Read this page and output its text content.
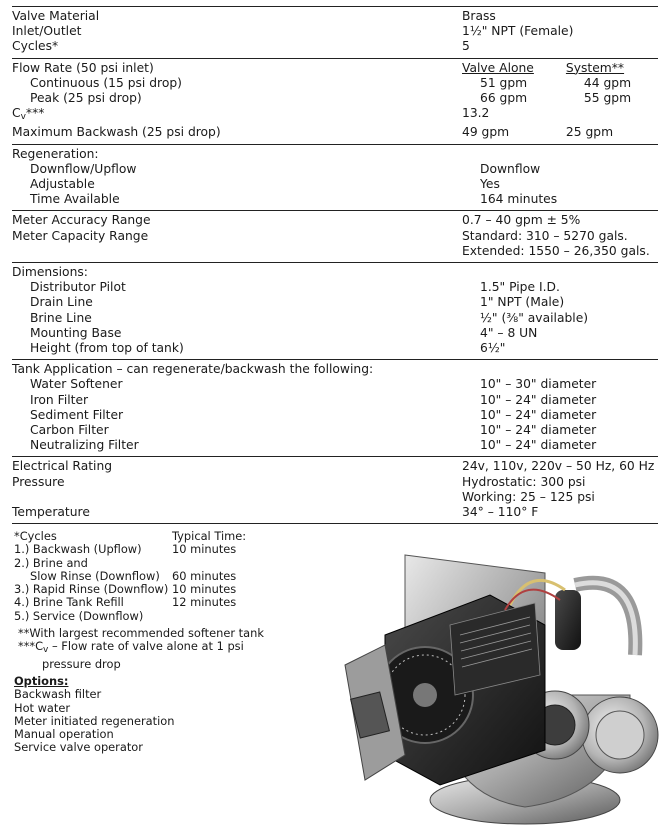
Valve Material	Brass
Inlet/Outlet	1½" NPT (Female)
Cycles*	5
Flow Rate (50 psi inlet)	Valve Alone	System**
Continuous (15 psi drop)	51 gpm	44 gpm
Peak (25 psi drop)	66 gpm	55 gpm
$C_v***$	13.2
Maximum Backwash (25 psi drop)	49 gpm	25 gpm
Regeneration:
Downflow/Upflow	Downflow
Adjustable	Yes
Time Available	164 minutes
Meter Accuracy Range	0.7 – 40 gpm ± 5%
Meter Capacity Range	Standard: 310 – 5270 gals.
Extended: 1550 – 26,350 gals.
Dimensions:
Distributor Pilot	1.5" Pipe I.D.
Drain Line	1" NPT (Male)
Brine Line	½" (⅜" available)
Mounting Base	4" – 8 UN
Height (from top of tank)	6½"
Tank Application – can regenerate/backwash the following:
Water Softener	10" – 30" diameter
Iron Filter	10" – 24" diameter
Sediment Filter	10" – 24" diameter
Carbon Filter	10" – 24" diameter
Neutralizing Filter	10" – 24" diameter
Electrical Rating	24v, 110v, 220v – 50 Hz, 60 Hz
Pressure	Hydrostatic: 300 psi
Working: 25 – 125 psi
Temperature	34° – 110° F
*Cycles	Typical Time:
1.) Backwash (Upflow)	10 minutes
2.) Brine and
Slow Rinse (Downflow)	60 minutes
3.) Rapid Rinse (Downflow) 10 minutes
4.) Brine Tank Refill	12 minutes
5.) Service (Downflow)
**With largest recommended softener tank
$***C_v$ – Flow rate of valve alone at 1 psi
pressure drop
Options:
Backwash filter
Hot water
Meter initiated regeneration
Manual operation
Service valve operator
